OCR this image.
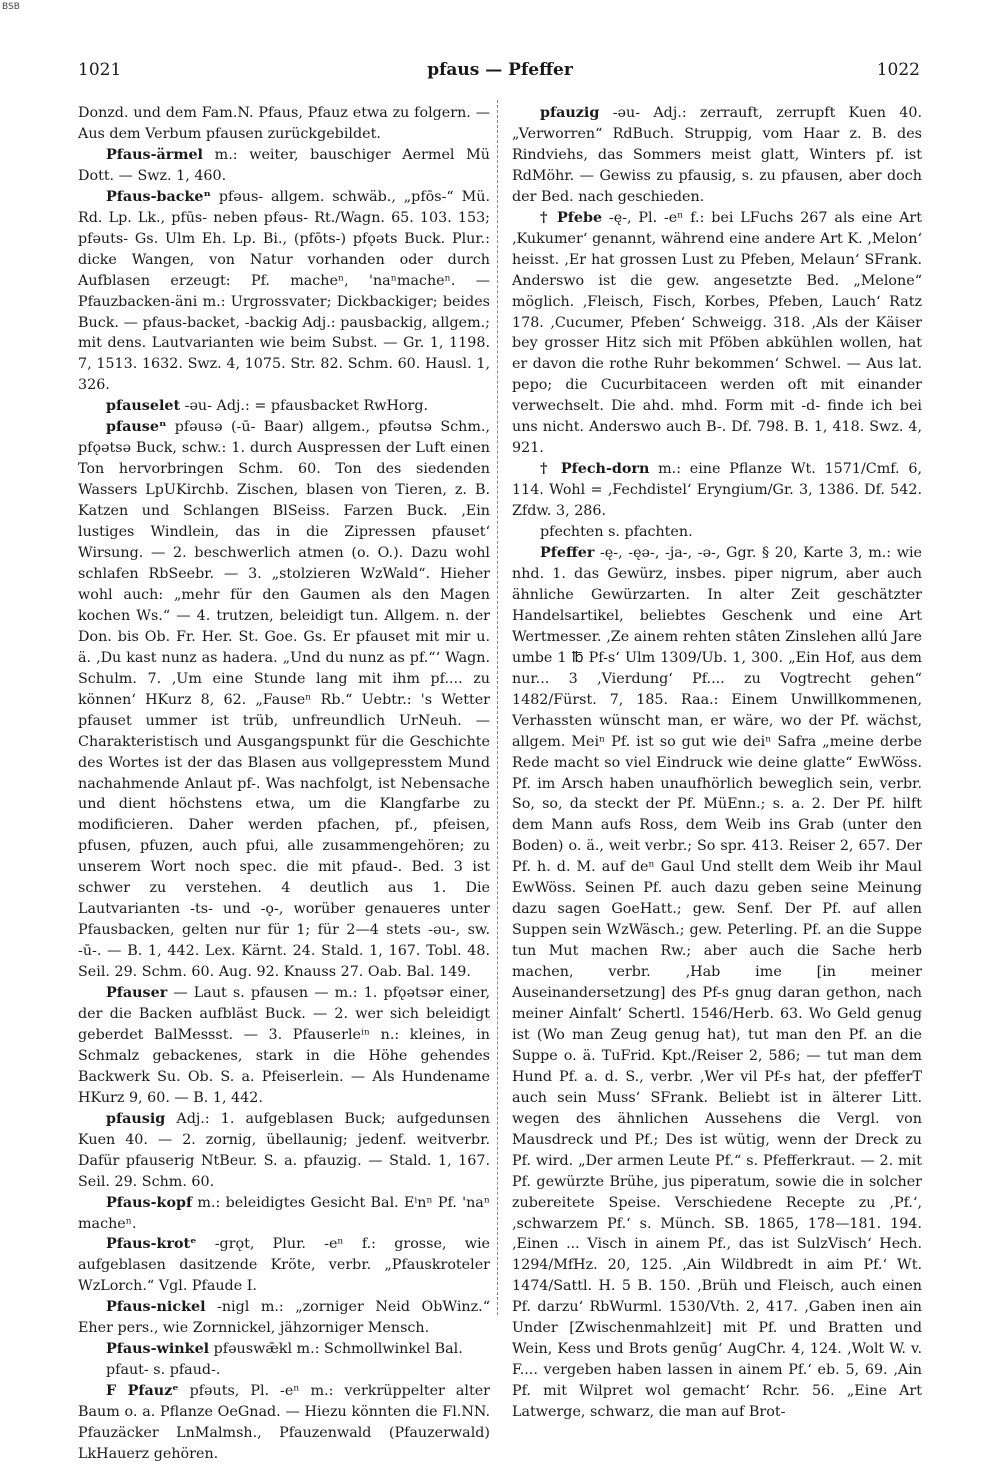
BSB
1021	pfaus — Pfeffer	1022

Donzd. und dem Fam.N. Pfaus, Pfauz etwa zu folgern. — Aus dem Verbum pfausen zurückgebildet.

Pfaus-ärmel m.: weiter, bauschiger Aermel Mü Dott. — Swz. 1, 460.

Pfaus-backeⁿ pfəus- allgem. schwäb., „pfōs-“ Mü. Rd. Lp. Lk., pfūs- neben pfəus- Rt./Wagn. 65. 103. 153; pfəuts- Gs. Ulm Eh. Lp. Bi., (pfōts-) pfǫəts Buck. Plur.: dicke Wangen, von Natur vorhanden oder durch Aufblasen erzeugt: Pf. macheⁿ, 'naⁿmacheⁿ. — Pfauzbacken-äni m.: Urgrossvater; Dickbackiger; beides Buck. — pfaus-backet, -backig Adj.: pausbackig, allgem.; mit dens. Lautvarianten wie beim Subst. — Gr. 1, 1198. 7, 1513. 1632. Swz. 4, 1075. Str. 82. Schm. 60. Hausl. 1, 326.

pfauselet -əu- Adj.: = pfausbacket RwHorg.

pfauseⁿ pfəusə (-ū- Baar) allgem., pfəutsə Schm., pfǫətsə Buck, schw.: 1. durch Auspressen der Luft einen Ton hervorbringen Schm. 60. Ton des siedenden Wassers LpUKirchb. Zischen, blasen von Tieren, z. B. Katzen und Schlangen BlSeiss. Farzen Buck. ‚Ein lustiges Windlein, das in die Zipressen pfauset‘ Wirsung. — 2. beschwerlich atmen (o. O.). Dazu wohl schlafen RbSeebr. — 3. „stolzieren WzWald“. Hieher wohl auch: „mehr für den Gaumen als den Magen kochen Ws.“ — 4. trutzen, beleidigt tun. Allgem. n. der Don. bis Ob. Fr. Her. St. Goe. Gs. Er pfauset mit mir u. ä. ‚Du kast nunz as hadera. „Und du nunz as pf.“‘ Wagn. Schulm. 7. ‚Um eine Stunde lang mit ihm pf.... zu können‘ HKurz 8, 62. „Fauseⁿ Rb.“ Uebtr.: 's Wetter pfauset ummer ist trüb, unfreundlich UrNeuh. — Charakteristisch und Ausgangspunkt für die Geschichte des Wortes ist der das Blasen aus vollgepresstem Mund nachahmende Anlaut pf-. Was nachfolgt, ist Nebensache und dient höchstens etwa, um die Klangfarbe zu modificieren. Daher werden pfachen, pf., pfeisen, pfusen, pfuzen, auch pfui, alle zusammengehören; zu unserem Wort noch spec. die mit pfaud-. Bed. 3 ist schwer zu verstehen. 4 deutlich aus 1. Die Lautvarianten -ts- und -ǫ-, worüber genaueres unter Pfausbacken, gelten nur für 1; für 2—4 stets -əu-, sw. -ū-. — B. 1, 442. Lex. Kärnt. 24. Stald. 1, 167. Tobl. 48. Seil. 29. Schm. 60. Aug. 92. Knauss 27. Oab. Bal. 149.

Pfauser — Laut s. pfausen — m.: 1. pfǫətsər einer, der die Backen aufbläst Buck. — 2. wer sich beleidigt geberdet BalMessst. — 3. Pfauserleⁱⁿ n.: kleines, in Schmalz gebackenes, stark in die Höhe gehendes Backwerk Su. Ob. S. a. Pfeiserlein. — Als Hundename HKurz 9, 60. — B. 1, 442.

pfausig Adj.: 1. aufgeblasen Buck; aufgedunsen Kuen 40. — 2. zornig, übellaunig; jedenf. weitverbr. Dafür pfauserig NtBeur. S. a. pfauzig. — Stald. 1, 167. Seil. 29. Schm. 60.

Pfaus-kopf m.: beleidigtes Gesicht Bal. Eⁱnⁿ Pf. 'naⁿ macheⁿ.

Pfaus-krotᵉ -grǫt, Plur. -eⁿ f.: grosse, wie aufgeblasen dasitzende Kröte, verbr. „Pfauskroteler WzLorch.“ Vgl. Pfaude I.

Pfaus-nickel -nigl m.: „zorniger Neid ObWinz.“ Eher pers., wie Zornnickel, jähzorniger Mensch.

Pfaus-winkel pfəuswǣkl m.: Schmollwinkel Bal.

pfaut- s. pfaud-.

F Pfauzᵉ pfəuts, Pl. -eⁿ m.: verkrüppelter alter Baum o. a. Pflanze OeGnad. — Hiezu könnten die Fl.NN. Pfauzäcker LnMalmsh., Pfauzenwald (Pfauzerwald) LkHauerz gehören.

pfauzig -əu- Adj.: zerrauft, zerrupft Kuen 40. „Verworren“ RdBuch. Struppig, vom Haar z. B. des Rindviehs, das Sommers meist glatt, Winters pf. ist RdMöhr. — Gewiss zu pfausig, s. zu pfausen, aber doch der Bed. nach geschieden.

† Pfebe -ę-, Pl. -eⁿ f.: bei LFuchs 267 als eine Art ‚Kukumer‘ genannt, während eine andere Art K. ‚Melon‘ heisst. ‚Er hat grossen Lust zu Pfeben, Melaun‘ SFrank. Anderswo ist die gew. angesetzte Bed. „Melone“ möglich. ‚Fleisch, Fisch, Korbes, Pfeben, Lauch‘ Ratz 178. ‚Cucumer, Pfeben‘ Schweigg. 318. ‚Als der Käiser bey grosser Hitz sich mit Pföben abkühlen wollen, hat er davon die rothe Ruhr bekommen‘ Schwel. — Aus lat. pepo; die Cucurbitaceen werden oft mit einander verwechselt. Die ahd. mhd. Form mit -d- finde ich bei uns nicht. Anderswo auch B-. Df. 798. B. 1, 418. Swz. 4, 921.

† Pfech-dorn m.: eine Pflanze Wt. 1571/Cmf. 6, 114. Wohl = ‚Fechdistel‘ Eryngium/Gr. 3, 1386. Df. 542. Zfdw. 3, 286.

pfechten s. pfachten.

Pfeffer -ę-, -ęə-, -ja-, -ə-, Ggr. § 20, Karte 3, m.: wie nhd. 1. das Gewürz, insbes. piper nigrum, aber auch ähnliche Gewürzarten. In alter Zeit geschätzter Handelsartikel, beliebtes Geschenk und eine Art Wertmesser. ‚Ze ainem rehten stâten Zinslehen allú Jare umbe 1 ℔ Pf-s‘ Ulm 1309/Ub. 1, 300. „Ein Hof, aus dem nur... 3 ‚Vierdung‘ Pf.... zu Vogtrecht gehen“ 1482/Fürst. 7, 185. Raa.: Einem Unwillkommenen, Verhassten wünscht man, er wäre, wo der Pf. wächst, allgem. Meiⁿ Pf. ist so gut wie deiⁿ Safra „meine derbe Rede macht so viel Eindruck wie deine glatte“ EwWöss. Pf. im Arsch haben unaufhörlich beweglich sein, verbr. So, so, da steckt der Pf. MüEnn.; s. a. 2. Der Pf. hilft dem Mann aufs Ross, dem Weib ins Grab (unter den Boden) o. ä., weit verbr.; So spr. 413. Reiser 2, 657. Der Pf. h. d. M. auf deⁿ Gaul Und stellt dem Weib ihr Maul EwWöss. Seinen Pf. auch dazu geben seine Meinung dazu sagen GoeHatt.; gew. Senf. Der Pf. auf allen Suppen sein WzWäsch.; gew. Peterling. Pf. an die Suppe tun Mut machen Rw.; aber auch die Sache herb machen, verbr. ‚Hab ime [in meiner Auseinandersetzung] des Pf-s gnug daran gethon, nach meiner Ainfalt‘ Schertl. 1546/Herb. 63. Wo Geld genug ist (Wo man Zeug genug hat), tut man den Pf. an die Suppe o. ä. TuFrid. Kpt./Reiser 2, 586; — tut man dem Hund Pf. a. d. S., verbr. ‚Wer vil Pf-s hat, der pfefferT auch sein Muss‘ SFrank. Beliebt ist in älterer Litt. wegen des ähnlichen Aussehens die Vergl. von Mausdreck und Pf.; Des ist wütig, wenn der Dreck zu Pf. wird. „Der armen Leute Pf.“ s. Pfefferkraut. — 2. mit Pf. gewürzte Brühe, jus piperatum, sowie die in solcher zubereitete Speise. Verschiedene Recepte zu ‚Pf.‘, ‚schwarzem Pf.‘ s. Münch. SB. 1865, 178—181. 194. ‚Einen ... Visch in ainem Pf., das ist SulzVisch‘ Hech. 1294/MfHz. 20, 125. ‚Ain Wildbredt in aim Pf.‘ Wt. 1474/Sattl. H. 5 B. 150. ‚Brüh und Fleisch, auch einen Pf. darzu‘ RbWurml. 1530/Vth. 2, 417. ‚Gaben inen ain Under [Zwischenmahlzeit] mit Pf. und Bratten und Wein, Kess und Brots genūg‘ AugChr. 4, 124. ‚Wolt W. v. F.... vergeben haben lassen in ainem Pf.‘ eb. 5, 69. ‚Ain Pf. mit Wilpret wol gemacht‘ Rchr. 56. „Eine Art Latwerge, schwarz, die man auf Brot-
